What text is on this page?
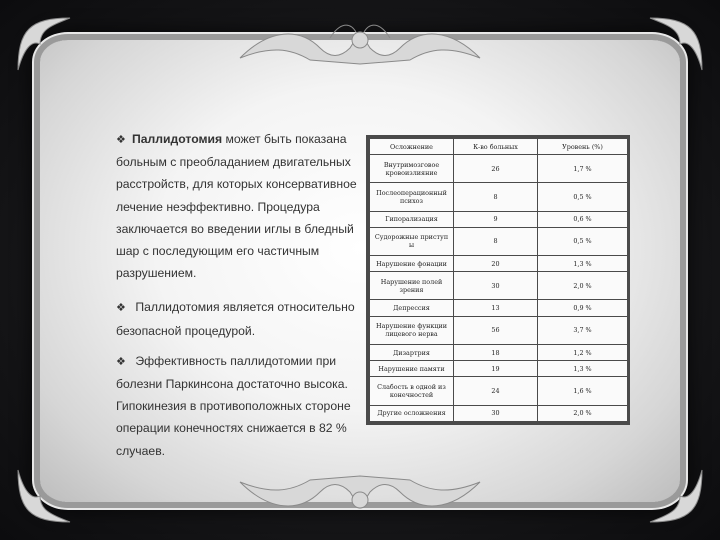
❖ Паллидотомия может быть показана больным с преобладанием двигательных расстройств, для которых консервативное лечение неэффективно. Процедура заключается во введении иглы в бледный шар с последующим его частичным разрушением.

❖ Паллидотомия является относительно безопасной процедурой.

❖ Эффективность паллидотомии при болезни Паркинсона достаточно высока. Гипокинезия в противоположных стороне операции конечностях снижается в 82 % случаев.

Осложнение	К-во больных	Уровень (%)
Внутримозговое кровоизлияние	26	1,7 %
Послеоперационный психоз	8	0,5 %
Гипорализация	9	0,6 %
Судорожные приступ ы	8	0,5 %
Нарушение фонации	20	1,3 %
Нарушение полей зрения	30	2,0 %
Депрессия	13	0,9 %
Нарушение функции лицевого нерва	56	3,7 %
Дизартрия	18	1,2 %
Нарушение памяти	19	1,3 %
Слабость в одной из конечностей	24	1,6 %
Другие осложнения	30	2,0 %
